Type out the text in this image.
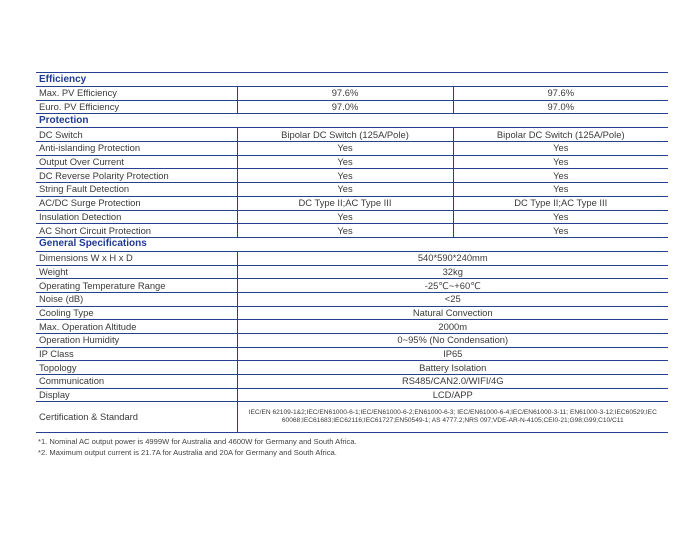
Efficiency		
Max. PV Efficiency	97.6%	97.6%
Euro. PV Efficiency	97.0%	97.0%
Protection		
DC Switch	Bipolar DC Switch (125A/Pole)	Bipolar DC Switch (125A/Pole)
Anti-islanding Protection	Yes	Yes
Output Over Current	Yes	Yes
DC Reverse Polarity Protection	Yes	Yes
String Fault Detection	Yes	Yes
AC/DC Surge Protection	DC Type II;AC Type III	DC Type II;AC Type III
Insulation Detection	Yes	Yes
AC Short Circuit Protection	Yes	Yes
General Specifications		
Dimensions W x H x D	540*590*240mm	
Weight	32kg	
Operating Temperature Range	-25℃~+60℃	
Noise (dB)	<25	
Cooling Type	Natural Convection	
Max. Operation Altitude	2000m	
Operation Humidity	0~95% (No Condensation)	
IP Class	IP65	
Topology	Battery Isolation	
Communication	RS485/CAN2.0/WIFI/4G	
Display	LCD/APP	
Certification & Standard	IEC/EN 62109-1&2;IEC/EN61000-6-1;IEC/EN61000-6-2;EN61000-6-3; IEC/EN61000-6-4;IEC/EN61000-3-11; EN61000-3-12;IEC60529;IEC 60068;IEC61683;IEC62116;IEC61727;EN50549-1; AS 4777.2;NRS 097;VDE-AR-N-4105;CEI0-21;G98;G99;C10/C11	
*1. Nominal AC output power is 4999W for Australia and 4600W for Germany and South Africa.
*2. Maximum output current is 21.7A for Australia and 20A for Germany and South Africa.
